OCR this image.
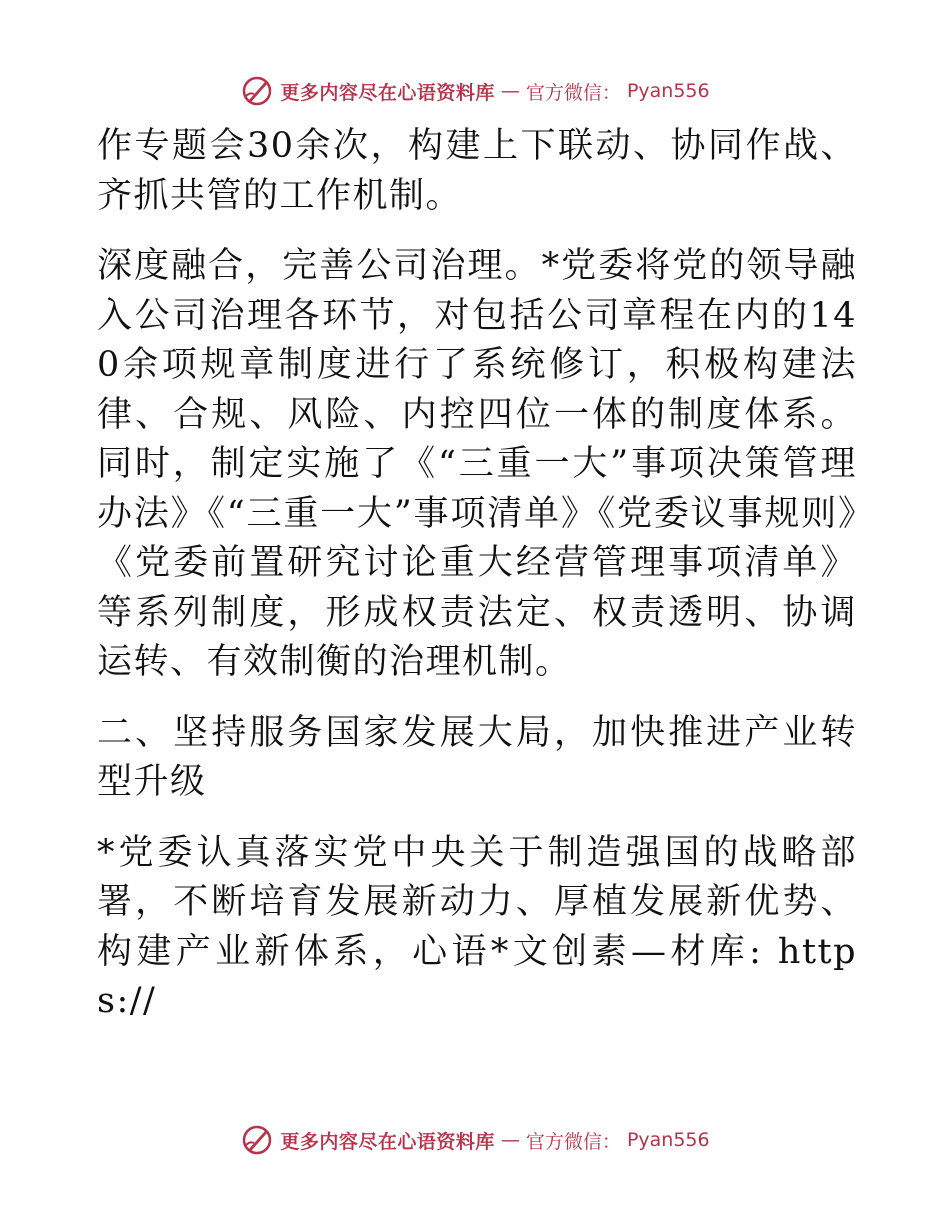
更多内容尽在心语资料库 — 官方微信： Pyan556

作专题会30余次，构建上下联动、协同作战、齐抓共管的工作机制。

深度融合，完善公司治理。*党委将党的领导融入公司治理各环节，对包括公司章程在内的140余项规章制度进行了系统修订，积极构建法律、合规、风险、内控四位一体的制度体系。同时，制定实施了《“三重一大”事项决策管理办法》《“三重一大”事项清单》《党委议事规则》《党委前置研究讨论重大经营管理事项清单》等系列制度，形成权责法定、权责透明、协调运转、有效制衡的治理机制。

二、坚持服务国家发展大局，加快推进产业转型升级

*党委认真落实党中央关于制造强国的战略部署，不断培育发展新动力、厚植发展新优势、构建产业新体系，心语*文创素—材库: https://

更多内容尽在心语资料库 — 官方微信： Pyan556
